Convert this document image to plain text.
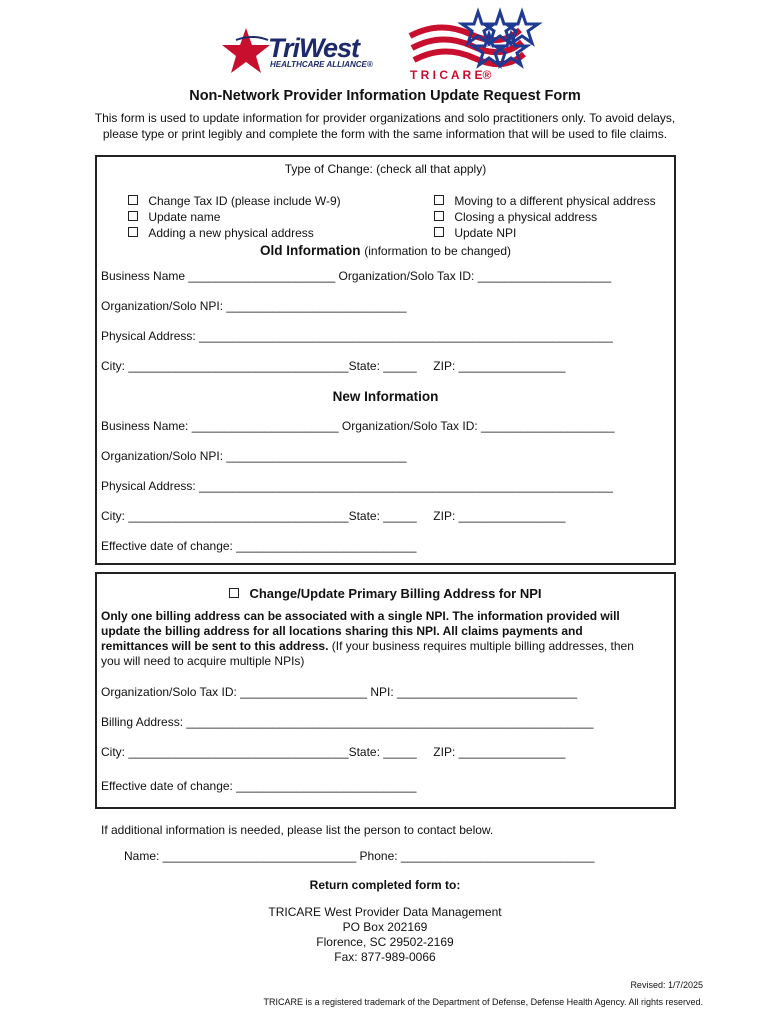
TriWest
HEALTHCARE ALLIANCE®
T R I C A R E®
Non-Network Provider Information Update Request Form
This form is used to update information for provider organizations and solo practitioners only. To avoid delays,
please type or print legibly and complete the form with the same information that will be used to file claims.
Type of Change: (check all that apply)

Change Tax ID (please include W-9)

Update name

Adding a new physical address

Moving to a different physical address

Closing a physical address

Update NPI

Old Information (information to be changed)
Business Name ______________________ Organization/Solo Tax ID: ____________________
Organization/Solo NPI: ___________________________
Physical Address: ______________________________________________________________
City: _________________________________State: _____     ZIP: ________________
New Information
Business Name: ______________________ Organization/Solo Tax ID: ____________________
Organization/Solo NPI: ___________________________
Physical Address: ______________________________________________________________
City: _________________________________State: _____     ZIP: ________________
Effective date of change: ___________________________
Change/Update Primary Billing Address for NPI
Only one billing address can be associated with a single NPI. The information provided will
update the billing address for all locations sharing this NPI. All claims payments and
remittances will be sent to this address. (If your business requires multiple billing addresses, then
you will need to acquire multiple NPIs)
Organization/Solo Tax ID: ___________________ NPI: ___________________________
Billing Address: _____________________________________________________________
City: _________________________________State: _____     ZIP: ________________
Effective date of change: ___________________________
If additional information is needed, please list the person to contact below.
Name: _____________________________ Phone: _____________________________
Return completed form to:
TRICARE West Provider Data Management
PO Box 202169
Florence, SC 29502-2169
Fax: 877-989-0066
Revised: 1/7/2025
TRICARE is a registered trademark of the Department of Defense, Defense Health Agency. All rights reserved.
